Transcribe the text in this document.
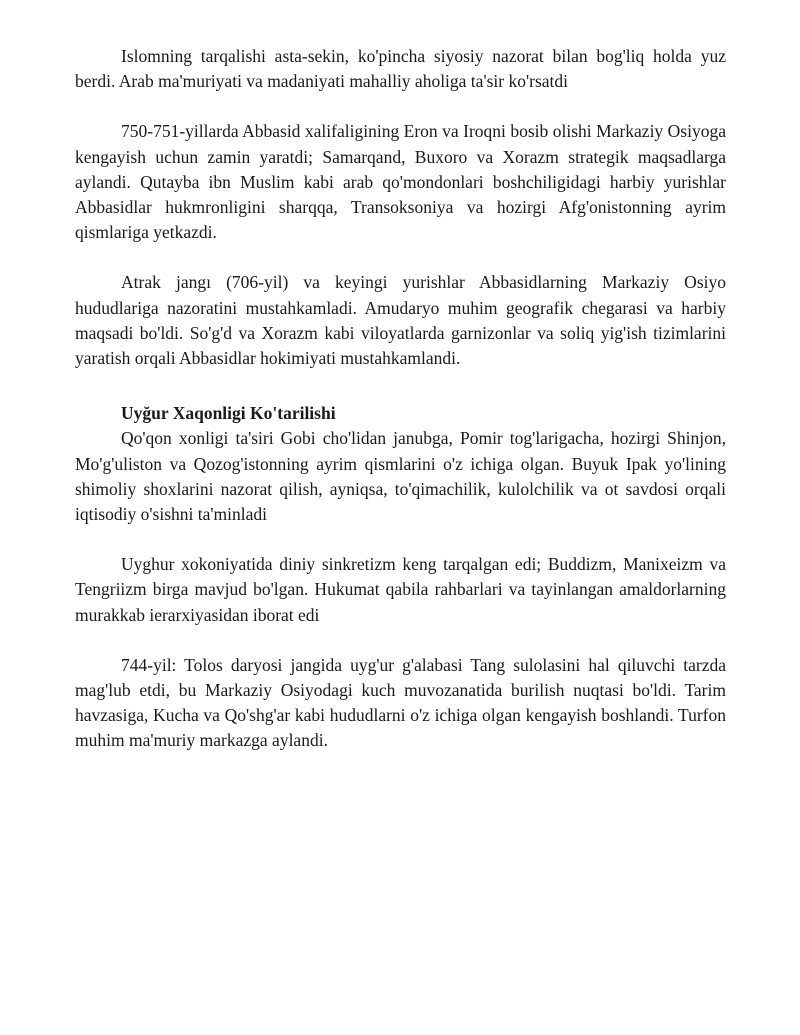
Islomning tarqalishi asta-sekin, ko'pincha siyosiy nazorat bilan bog'liq holda yuz berdi. Arab ma'muriyati va madaniyati mahalliy aholiga ta'sir ko'rsatdi

750-751-yillarda Abbasid xalifaligining Eron va Iroqni bosib olishi Markaziy Osiyoga kengayish uchun zamin yaratdi; Samarqand, Buxoro va Xorazm strategik maqsadlarga aylandi. Qutayba ibn Muslim kabi arab qo'mondonlari boshchiligidagi harbiy yurishlar Abbasidlar hukmronligini sharqqa, Transoksoniya va hozirgi Afg'onistonning ayrim qismlariga yetkazdi.

Atrak jangı (706-yil) va keyingi yurishlar Abbasidlarning Markaziy Osiyo hududlariga nazoratini mustahkamladi. Amudaryo muhim geografik chegarasi va harbiy maqsadi bo'ldi. So'g'd va Xorazm kabi viloyatlarda garnizonlar va soliq yig'ish tizimlarini yaratish orqali Abbasidlar hokimiyati mustahkamlandi.

Uyğur Xaqonligi Ko'tarilishi

Qo'qon xonligi ta'siri Gobi cho'lidan janubga, Pomir tog'larigacha, hozirgi Shinjon, Mo'g'uliston va Qozog'istonning ayrim qismlarini o'z ichiga olgan. Buyuk Ipak yo'lining shimoliy shoxlarini nazorat qilish, ayniqsa, to'qimachilik, kulolchilik va ot savdosi orqali iqtisodiy o'sishni ta'minladi

Uyghur xokoniyatida diniy sinkretizm keng tarqalgan edi; Buddizm, Manixeizm va Tengriizm birga mavjud bo'lgan. Hukumat qabila rahbarlari va tayinlangan amaldorlarning murakkab ierarxiyasidan iborat edi

744-yil: Tolos daryosi jangida uyg'ur g'alabasi Tang sulolasini hal qiluvchi tarzda mag'lub etdi, bu Markaziy Osiyodagi kuch muvozanatida burilish nuqtasi bo'ldi. Tarim havzasiga, Kucha va Qo'shg'ar kabi hududlarni o'z ichiga olgan kengayish boshlandi. Turfon muhim ma'muriy markazga aylandi.
